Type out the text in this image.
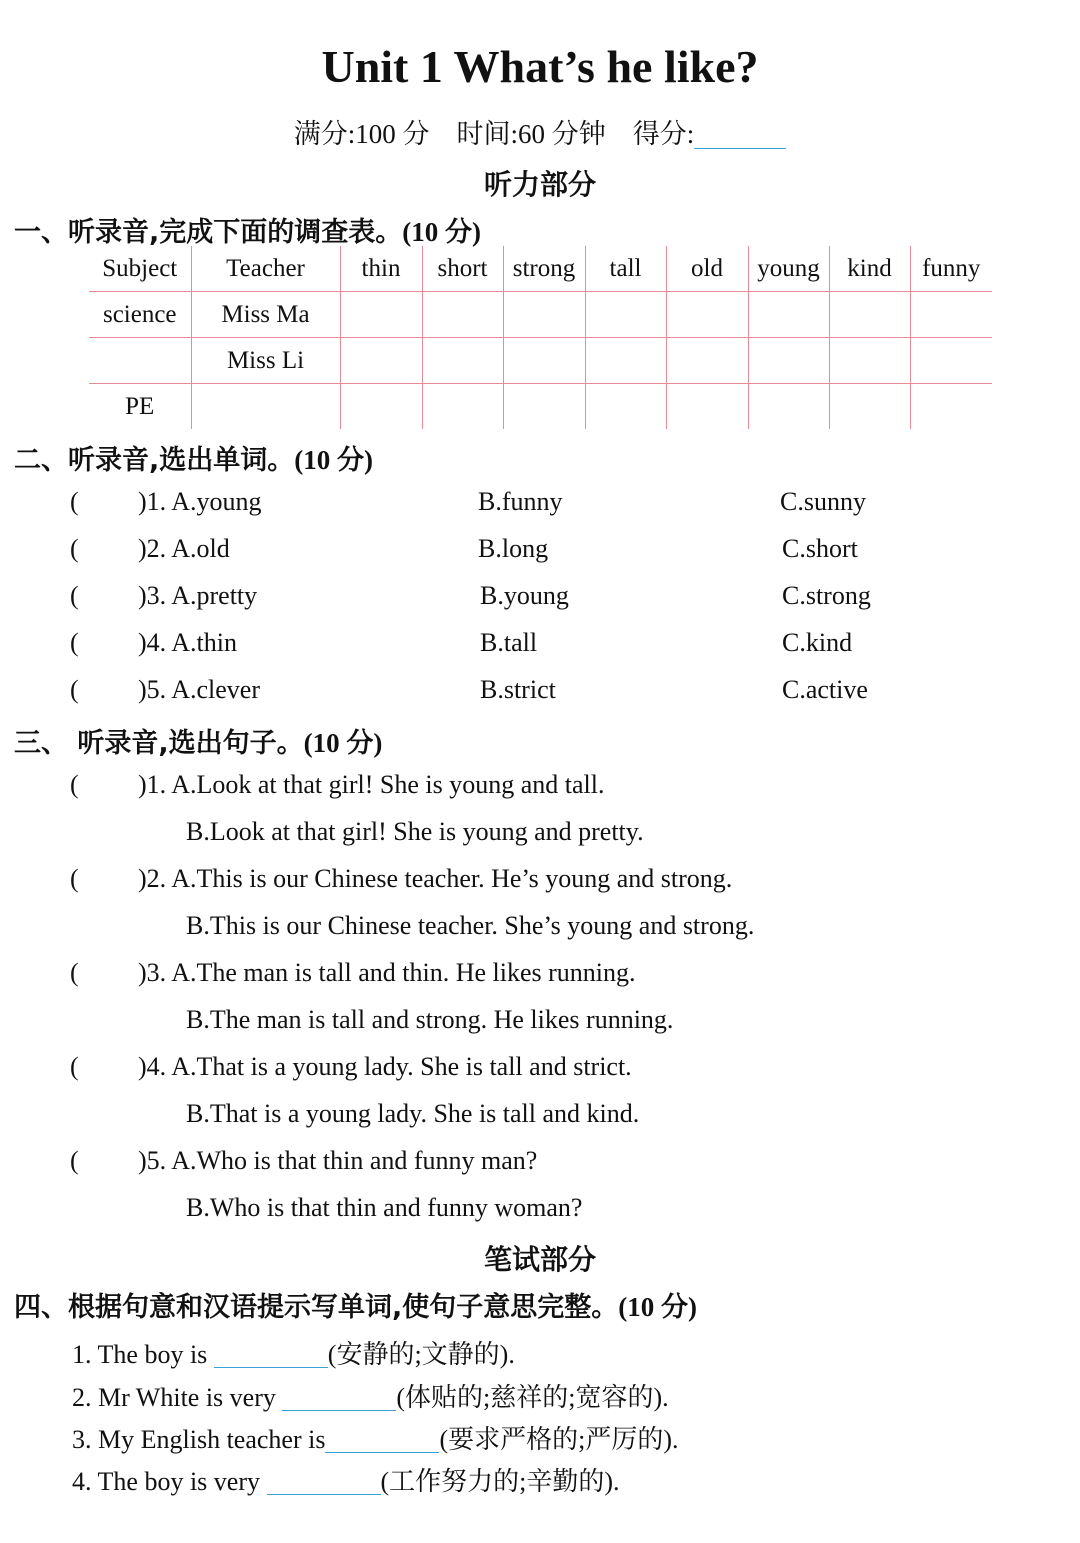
Unit 1 What’s he like?
满分:100 分 时间:60 分钟 得分:
听力部分
一、听录音,完成下面的调查表。(10 分)
Subject	Teacher	thin	short	strong	tall	old	young	kind	funny
science	Miss Ma								
	Miss Li								
PE									
二、听录音,选出单词。(10 分)
( )1. A.young	B.funny	C.sunny
( )2. A.old	B.long	C.short
( )3. A.pretty	B.young	C.strong
( )4. A.thin	B.tall	C.kind
( )5. A.clever	B.strict	C.active
三、 听录音,选出句子。(10 分)
( )1. A.Look at that girl! She is young and tall.
B.Look at that girl! She is young and pretty.
( )2. A.This is our Chinese teacher. He’s young and strong.
B.This is our Chinese teacher. She’s young and strong.
( )3. A.The man is tall and thin. He likes running.
B.The man is tall and strong. He likes running.
( )4. A.That is a young lady. She is tall and strict.
B.That is a young lady. She is tall and kind.
( )5. A.Who is that thin and funny man?
B.Who is that thin and funny woman?
笔试部分
四、根据句意和汉语提示写单词,使句子意思完整。(10 分)
1. The boy is	(安静的;文静的).
2. Mr White is very	(体贴的;慈祥的;宽容的).
3. My English teacher is	(要求严格的;严厉的).
4. The boy is very	(工作努力的;辛勤的).
